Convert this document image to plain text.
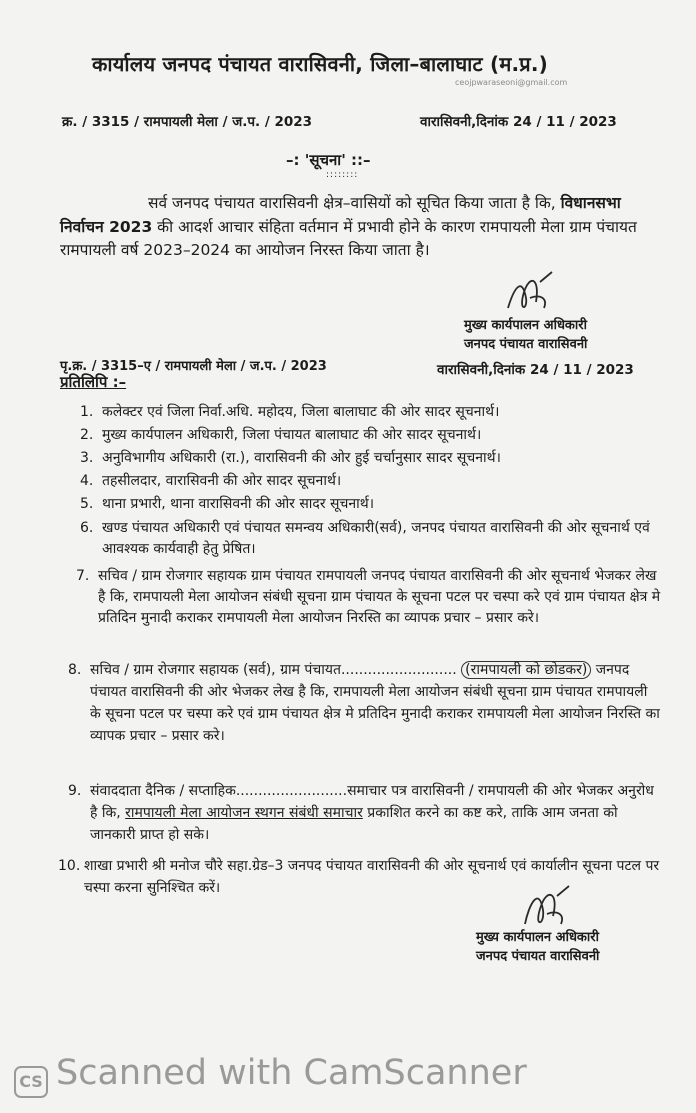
कार्यालय जनपद पंचायत वारासिवनी, जिला–बालाघाट (म.प्र.)
ceojpwaraseoni@gmail.com
क्र. / 3315 / रामपायली मेला / ज.प. / 2023	वारासिवनी,दिनांक 24 / 11 / 2023
–: 'सूचना' ::–
::::::::
सर्व जनपद पंचायत वारासिवनी क्षेत्र–वासियों को सूचित किया जाता है कि, विधानसभा निर्वाचन 2023 की आदर्श आचार संहिता वर्तमान में प्रभावी होने के कारण रामपायली मेला ग्राम पंचायत रामपायली वर्ष 2023–2024 का आयोजन निरस्त किया जाता है।
मुख्य कार्यपालन अधिकारी
जनपद पंचायत वारासिवनी
पृ.क्र. / 3315–ए / रामपायली मेला / ज.प. / 2023	वारासिवनी,दिनांक 24 / 11 / 2023
प्रतिलिपि :–
1. कलेक्टर एवं जिला निर्वा.अधि. महोदय, जिला बालाघाट की ओर सादर सूचनार्थ।
2. मुख्य कार्यपालन अधिकारी, जिला पंचायत बालाघाट की ओर सादर सूचनार्थ।
3. अनुविभागीय अधिकारी (रा.), वारासिवनी की ओर हुई चर्चानुसार सादर सूचनार्थ।
4. तहसीलदार, वारासिवनी की ओर सादर सूचनार्थ।
5. थाना प्रभारी, थाना वारासिवनी की ओर सादर सूचनार्थ।
6. खण्ड पंचायत अधिकारी एवं पंचायत समन्वय अधिकारी(सर्व), जनपद पंचायत वारासिवनी की ओर सूचनार्थ एवं आवश्यक कार्यवाही हेतु प्रेषित।
7. सचिव / ग्राम रोजगार सहायक ग्राम पंचायत रामपायली जनपद पंचायत वारासिवनी की ओर सूचनार्थ भेजकर लेख है कि, रामपायली मेला आयोजन संबंधी सूचना ग्राम पंचायत के सूचना पटल पर चस्पा करे एवं ग्राम पंचायत क्षेत्र मे प्रतिदिन मुनादी कराकर रामपायली मेला आयोजन निरस्ति का व्यापक प्रचार – प्रसार करे।
8. सचिव / ग्राम रोजगार सहायक (सर्व), ग्राम पंचायत.......................... (रामपायली को छोडकर) जनपद पंचायत वारासिवनी की ओर भेजकर लेख है कि, रामपायली मेला आयोजन संबंधी सूचना ग्राम पंचायत रामपायली के सूचना पटल पर चस्पा करे एवं ग्राम पंचायत क्षेत्र मे प्रतिदिन मुनादी कराकर रामपायली मेला आयोजन निरस्ति का व्यापक प्रचार – प्रसार करे।
9. संवाददाता दैनिक / सप्ताहिक.........................समाचार पत्र वारासिवनी / रामपायली की ओर भेजकर अनुरोध है कि, रामपायली मेला आयोजन स्थगन संबंधी समाचार प्रकाशित करने का कष्ट करे, ताकि आम जनता को जानकारी प्राप्त हो सके।
10. शाखा प्रभारी श्री मनोज चौरे सहा.ग्रेड–3 जनपद पंचायत वारासिवनी की ओर सूचनार्थ एवं कार्यालीन सूचना पटल पर चस्पा करना सुनिश्चित करें।
मुख्य कार्यपालन अधिकारी
जनपद पंचायत वारासिवनी
CS Scanned with CamScanner
